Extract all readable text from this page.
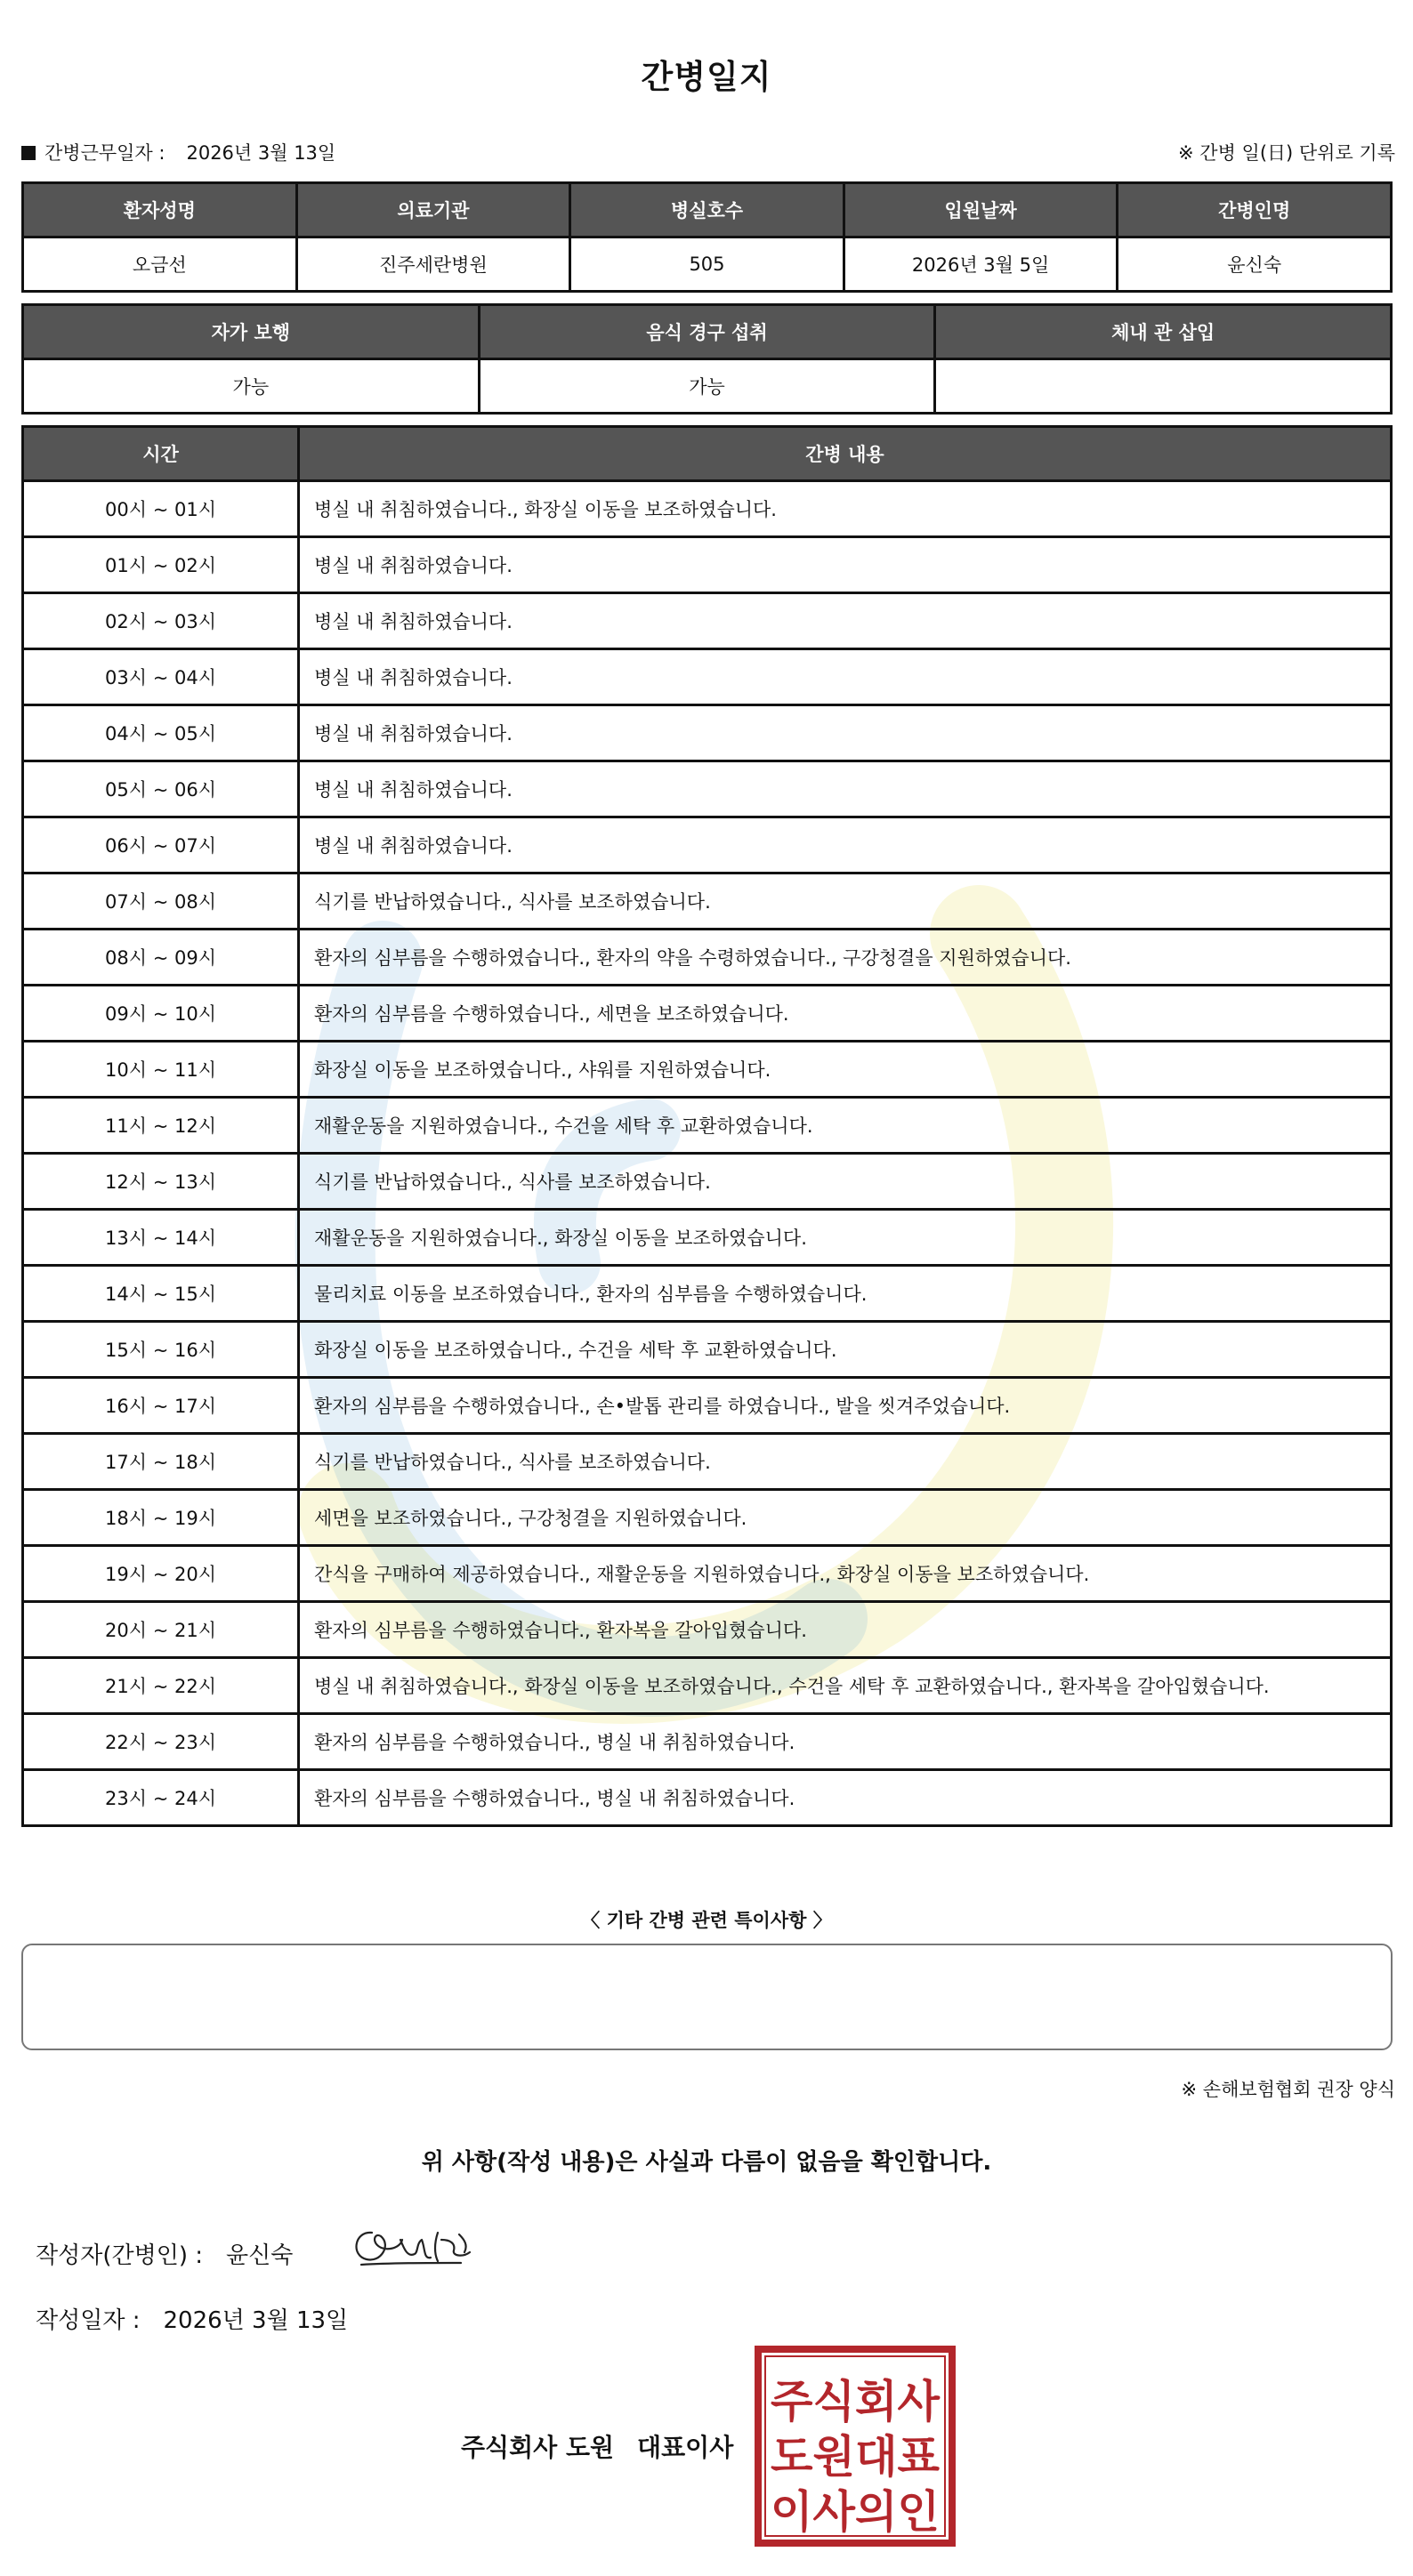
간병일지
간병근무일자 : 2026년 3월 13일	※ 간병 일(日) 단위로 기록
환자성명	의료기관	병실호수	입원날짜	간병인명
오금선	진주세란병원	505	2026년 3월 5일	윤신숙
자가 보행	음식 경구 섭취	체내 관 삽입
가능	가능	
시간	간병 내용
00시 ~ 01시	병실 내 취침하였습니다., 화장실 이동을 보조하였습니다.
01시 ~ 02시	병실 내 취침하였습니다.
02시 ~ 03시	병실 내 취침하였습니다.
03시 ~ 04시	병실 내 취침하였습니다.
04시 ~ 05시	병실 내 취침하였습니다.
05시 ~ 06시	병실 내 취침하였습니다.
06시 ~ 07시	병실 내 취침하였습니다.
07시 ~ 08시	식기를 반납하였습니다., 식사를 보조하였습니다.
08시 ~ 09시	환자의 심부름을 수행하였습니다., 환자의 약을 수령하였습니다., 구강청결을 지원하였습니다.
09시 ~ 10시	환자의 심부름을 수행하였습니다., 세면을 보조하였습니다.
10시 ~ 11시	화장실 이동을 보조하였습니다., 샤워를 지원하였습니다.
11시 ~ 12시	재활운동을 지원하였습니다., 수건을 세탁 후 교환하였습니다.
12시 ~ 13시	식기를 반납하였습니다., 식사를 보조하였습니다.
13시 ~ 14시	재활운동을 지원하였습니다., 화장실 이동을 보조하였습니다.
14시 ~ 15시	물리치료 이동을 보조하였습니다., 환자의 심부름을 수행하였습니다.
15시 ~ 16시	화장실 이동을 보조하였습니다., 수건을 세탁 후 교환하였습니다.
16시 ~ 17시	환자의 심부름을 수행하였습니다., 손•발톱 관리를 하였습니다., 발을 씻겨주었습니다.
17시 ~ 18시	식기를 반납하였습니다., 식사를 보조하였습니다.
18시 ~ 19시	세면을 보조하였습니다., 구강청결을 지원하였습니다.
19시 ~ 20시	간식을 구매하여 제공하였습니다., 재활운동을 지원하였습니다., 화장실 이동을 보조하였습니다.
20시 ~ 21시	환자의 심부름을 수행하였습니다., 환자복을 갈아입혔습니다.
21시 ~ 22시	병실 내 취침하였습니다., 화장실 이동을 보조하였습니다., 수건을 세탁 후 교환하였습니다., 환자복을 갈아입혔습니다.
22시 ~ 23시	환자의 심부름을 수행하였습니다., 병실 내 취침하였습니다.
23시 ~ 24시	환자의 심부름을 수행하였습니다., 병실 내 취침하였습니다.
〈 기타 간병 관련 특이사항 〉
※ 손해보험협회 권장 양식
위 사항(작성 내용)은 사실과 다름이 없음을 확인합니다.
작성자(간병인) : 윤신숙
작성일자 : 2026년 3월 13일
주식회사 도원 대표이사
주식회사
도원대표
이사의인
